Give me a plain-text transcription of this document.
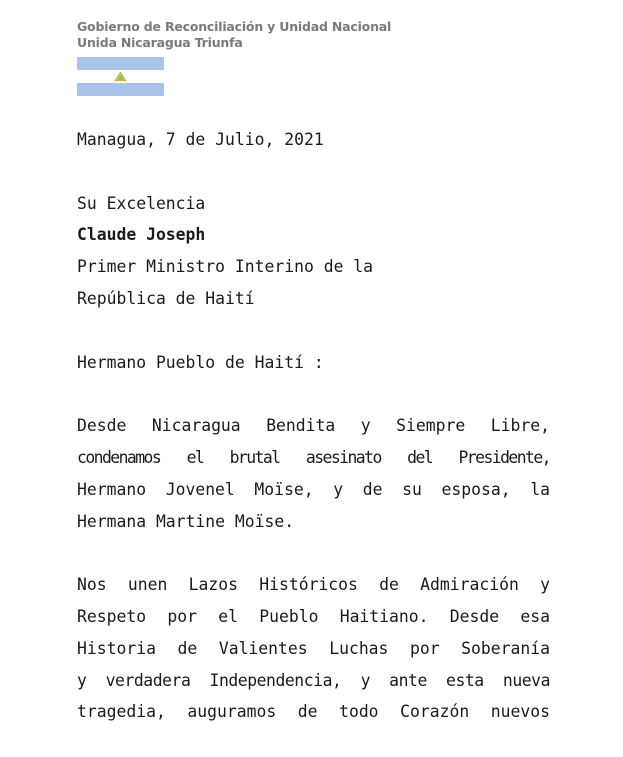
Gobierno de Reconciliación y Unidad Nacional
Unida Nicaragua Triunfa
Managua, 7 de Julio, 2021

Su Excelencia
Claude Joseph
Primer Ministro Interino de la
República de Haití

Hermano Pueblo de Haití :

Desde Nicaragua Bendita y Siempre Libre,
condenamos el brutal asesinato del Presidente,
Hermano Jovenel Moïse, y de su esposa, la
Hermana Martine Moïse.

Nos unen Lazos Históricos de Admiración y
Respeto por el Pueblo Haitiano. Desde esa
Historia de Valientes Luchas por Soberanía
y verdadera Independencia, y ante esta nueva
tragedia, auguramos de todo Corazón nuevos
